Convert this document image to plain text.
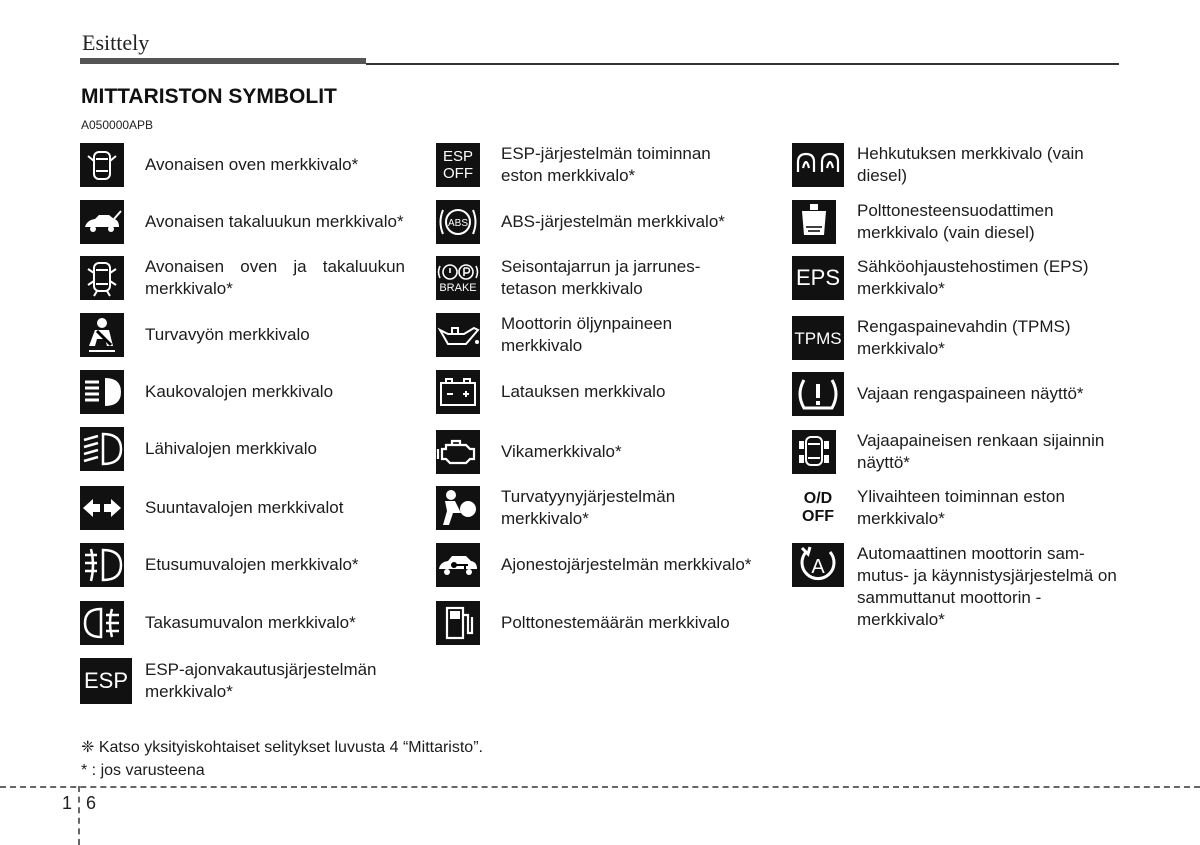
Esittely
MITTARISTON SYMBOLIT
A050000APB
Avonaisen oven merkkivalo*
Avonaisen takaluukun merkkivalo*
Avonaisen oven ja takaluukun merkkivalo*
Turvavyön merkkivalo
Kaukovalojen merkkivalo
Lähivalojen merkkivalo
Suuntavalojen merkkivalot
Etusumuvalojen merkkivalo*
Takasumuvalon merkkivalo*
ESP ESP-ajonvakautusjärjestelmän merkkivalo*
ESP
OFF
ESP-järjestelmän toiminnan eston merkkivalo*
ABS ABS-järjestelmän merkkivalo*
BRAKE
Seisontajarrun ja jarrunes-tetason merkkivalo
Moottorin öljynpaineen merkkivalo
Latauksen merkkivalo
Vikamerkkivalo*
Turvatyynyjärjestelmän merkkivalo*
Ajonestojärjestelmän merkkivalo*
Polttonestemäärän merkkivalo
Hehkutuksen merkkivalo (vain diesel)
Polttonesteensuodattimen merkkivalo (vain diesel)
EPS Sähköohjaustehostimen (EPS) merkkivalo*
TPMS
Rengaspainevahdin (TPMS) merkkivalo*
Vajaan rengaspaineen näyttö*
Vajaapaineisen renkaan sijainnin näyttö*
O/D
OFF
Ylivaihteen toiminnan eston merkkivalo*
A
Automaattinen moottorin sam-mutus- ja käynnistysjärjestelmä on sammuttanut moottorin -merkkivalo*
❈ Katso yksityiskohtaiset selitykset luvusta 4 “Mittaristo”.
* : jos varusteena
1 6
